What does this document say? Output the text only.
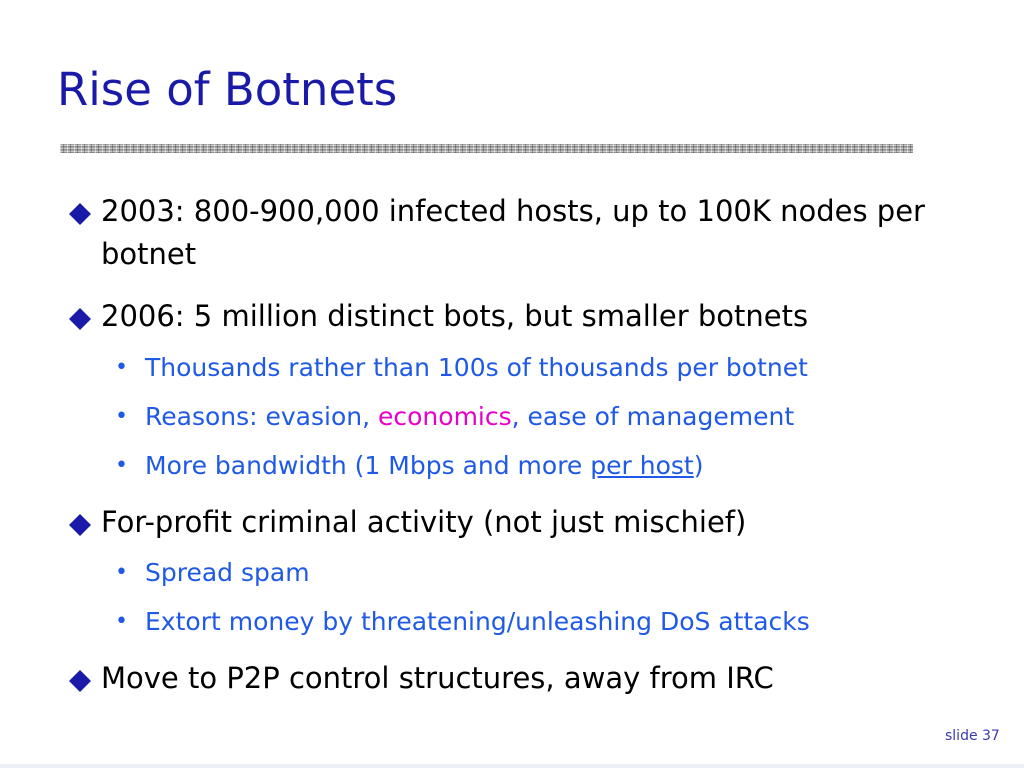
Rise of Botnets
2003: 800-900,000 infected hosts, up to 100K nodes per botnet
2006: 5 million distinct bots, but smaller botnets
• Thousands rather than 100s of thousands per botnet
• Reasons: evasion, economics, ease of management
• More bandwidth (1 Mbps and more per host)
For-profit criminal activity (not just mischief)
• Spread spam
• Extort money by threatening/unleashing DoS attacks
Move to P2P control structures, away from IRC
slide 37
